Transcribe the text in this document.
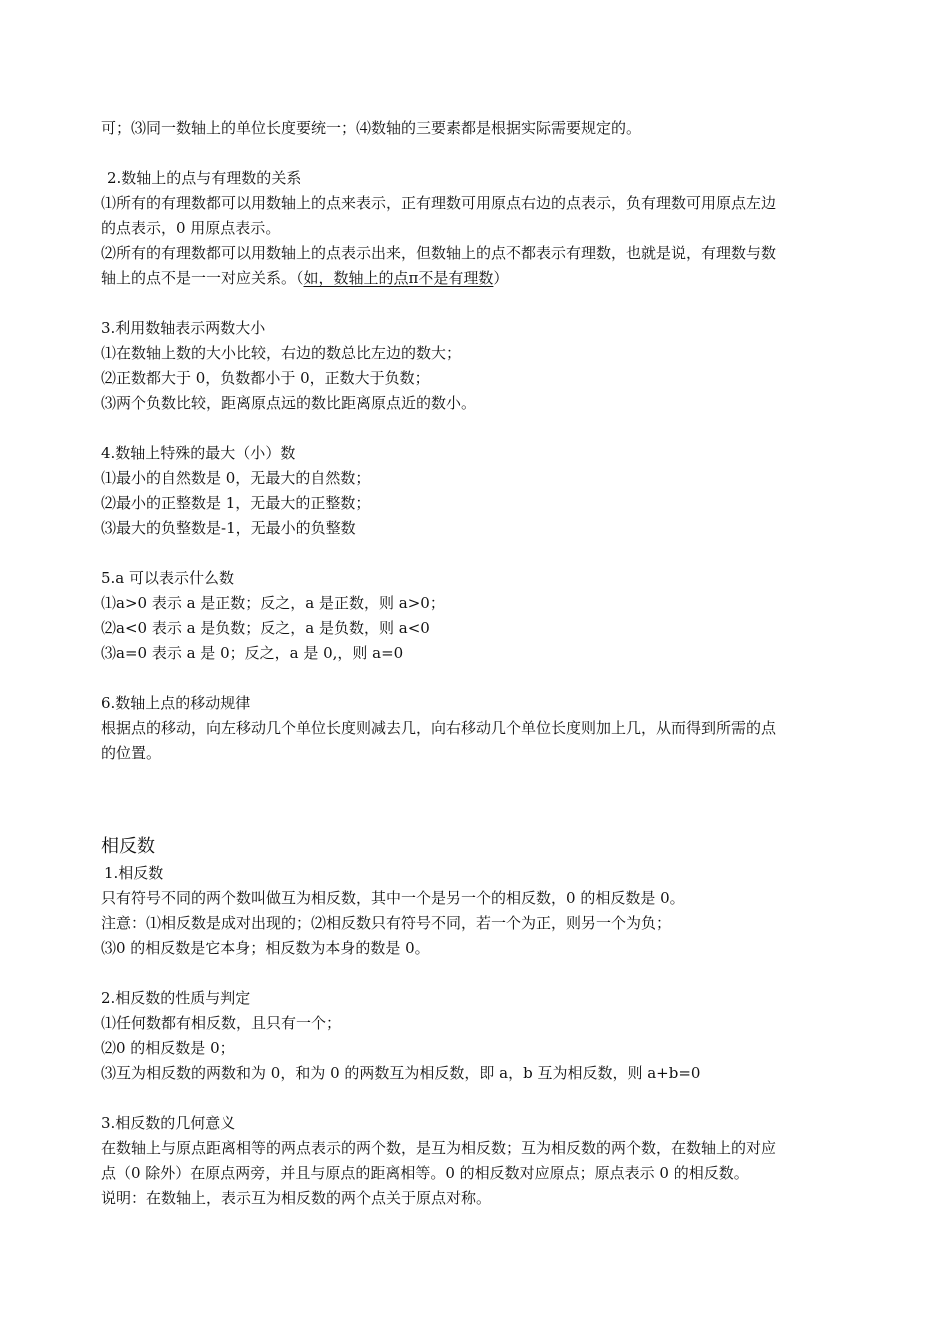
可；⑶同一数轴上的单位长度要统一；⑷数轴的三要素都是根据实际需要规定的。
2.数轴上的点与有理数的关系
⑴所有的有理数都可以用数轴上的点来表示，正有理数可用原点右边的点表示，负有理数可用原点左边
的点表示，0 用原点表示。
⑵所有的有理数都可以用数轴上的点表示出来，但数轴上的点不都表示有理数，也就是说，有理数与数
轴上的点不是一一对应关系。（如，数轴上的点π不是有理数）
3.利用数轴表示两数大小
⑴在数轴上数的大小比较，右边的数总比左边的数大；
⑵正数都大于 0，负数都小于 0，正数大于负数；
⑶两个负数比较，距离原点远的数比距离原点近的数小。
4.数轴上特殊的最大（小）数
⑴最小的自然数是 0，无最大的自然数；
⑵最小的正整数是 1，无最大的正整数；
⑶最大的负整数是-1，无最小的负整数
5.a 可以表示什么数
⑴a>0 表示 a 是正数；反之，a 是正数，则 a>0；
⑵a<0 表示 a 是负数；反之，a 是负数，则 a<0
⑶a=0 表示 a 是 0；反之，a 是 0,，则 a=0
6.数轴上点的移动规律
根据点的移动，向左移动几个单位长度则减去几，向右移动几个单位长度则加上几，从而得到所需的点
的位置。
相反数
1.相反数
只有符号不同的两个数叫做互为相反数，其中一个是另一个的相反数，0 的相反数是 0。
注意：⑴相反数是成对出现的；⑵相反数只有符号不同，若一个为正，则另一个为负；
⑶0 的相反数是它本身；相反数为本身的数是 0。
2.相反数的性质与判定
⑴任何数都有相反数，且只有一个；
⑵0 的相反数是 0；
⑶互为相反数的两数和为 0，和为 0 的两数互为相反数，即 a，b 互为相反数，则 a+b=0
3.相反数的几何意义
在数轴上与原点距离相等的两点表示的两个数，是互为相反数；互为相反数的两个数，在数轴上的对应
点（0 除外）在原点两旁，并且与原点的距离相等。0 的相反数对应原点；原点表示 0 的相反数。
说明：在数轴上，表示互为相反数的两个点关于原点对称。
